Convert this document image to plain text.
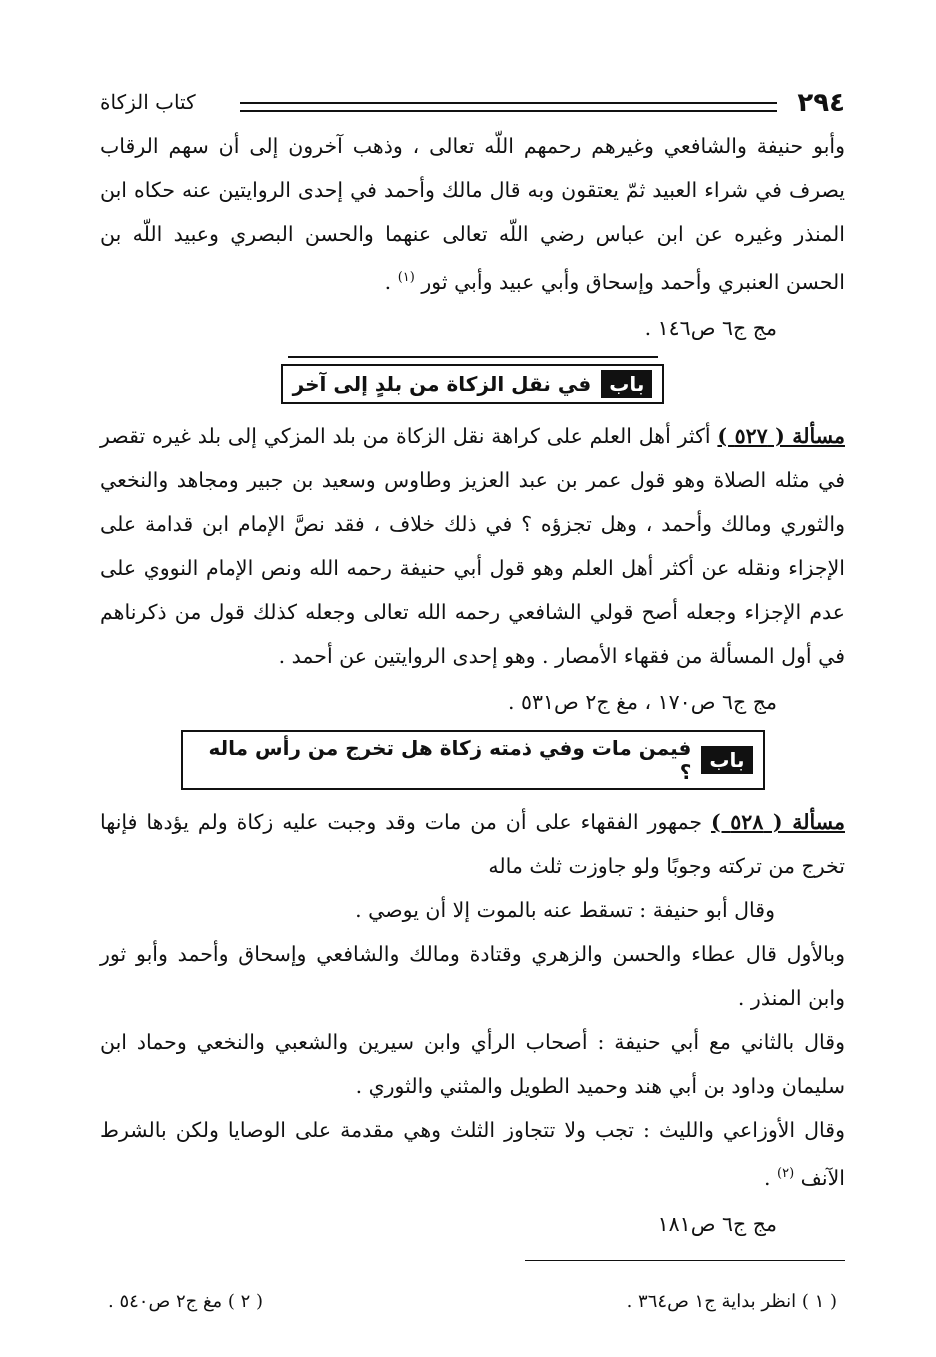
٢٩٤
كتاب الزكاة

وأبو حنيفة والشافعي وغيرهم رحمهم اللّه تعالى ، وذهب آخرون إلى أن سهم الرقاب يصرف في شراء العبيد ثمّ يعتقون وبه قال مالك وأحمد في إحدى الروايتين عنه حكاه ابن المنذر وغيره عن ابن عباس رضي اللّه تعالى عنهما والحسن البصري وعبيد اللّه بن الحسن العنبري وأحمد وإسحاق وأبي عبيد وأبي ثور $^{(١)}$ .

مج ج٦ ص١٤٦ .

باب
في نقل الزكاة من بلدٍ إلى آخر

مسألة ( ٥٢٧ ) أكثر أهل العلم على كراهة نقل الزكاة من بلد المزكي إلى بلد غيره تقصر في مثله الصلاة وهو قول عمر بن عبد العزيز وطاوس وسعيد بن جبير ومجاهد والنخعي والثوري ومالك وأحمد ، وهل تجزؤه ؟ في ذلك خلاف ، فقد نصَّ الإمام ابن قدامة على الإجزاء ونقله عن أكثر أهل العلم وهو قول أبي حنيفة رحمه الله ونص الإمام النووي على عدم الإجزاء وجعله أصح قولي الشافعي رحمه الله تعالى وجعله كذلك قول من ذكرناهم في أول المسألة من فقهاء الأمصار . وهو إحدى الروايتين عن أحمد .

مج ج٦ ص١٧٠ ، مغ ج٢ ص٥٣١ .

باب
فيمن مات وفي ذمته زكاة هل تخرج من رأس ماله ؟

مسألة ( ٥٢٨ ) جمهور الفقهاء على أن من مات وقد وجبت عليه زكاة ولم يؤدها فإنها تخرج من تركته وجوبًا ولو جاوزت ثلث ماله

وقال أبو حنيفة : تسقط عنه بالموت إلا أن يوصي .

وبالأول قال عطاء والحسن والزهري وقتادة ومالك والشافعي وإسحاق وأحمد وأبو ثور وابن المنذر .

وقال بالثاني مع أبي حنيفة : أصحاب الرأي وابن سيرين والشعبي والنخعي وحماد ابن سليمان وداود بن أبي هند وحميد الطويل والمثني والثوري .

وقال الأوزاعي والليث : تجب ولا تتجاوز الثلث وهي مقدمة على الوصايا ولكن بالشرط الآنف $^{(٢)}$ .

مج ج٦ ص١٨١

( ١ ) انظر بداية ج١ ص٣٦٤ .
( ٢ ) مغ ج٢ ص٥٤٠ .
